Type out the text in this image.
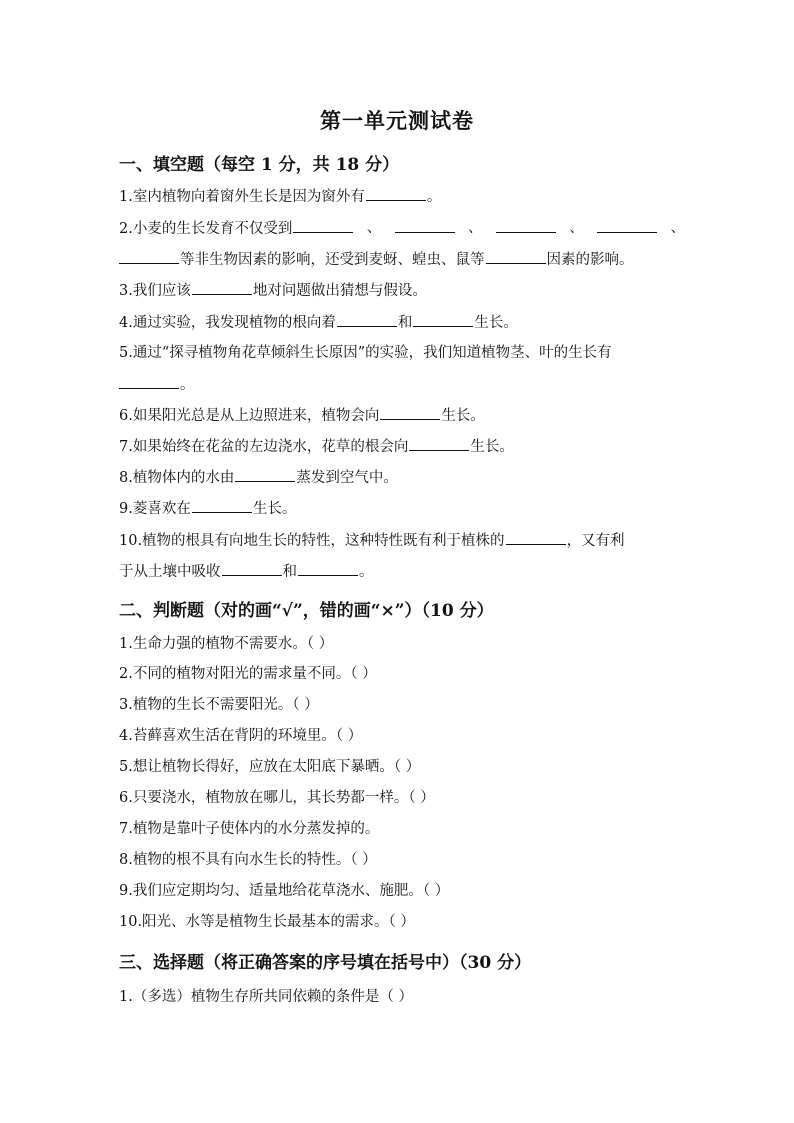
第一单元测试卷
一、填空题（每空 1 分，共 18 分）
1.室内植物向着窗外生长是因为窗外有	。
2.小麦的生长发育不仅受到	、	、	、	、
等非生物因素的影响，还受到麦蚜、蝗虫、鼠等	因素的影响。
3.我们应该	地对问题做出猜想与假设。
4.通过实验，我发现植物的根向着	和	生长。
5.通过“探寻植物角花草倾斜生长原因”的实验，我们知道植物茎、叶的生长有
。
6.如果阳光总是从上边照进来，植物会向	生长。
7.如果始终在花盆的左边浇水，花草的根会向	生长。
8.植物体内的水由	蒸发到空气中。
9.菱喜欢在	生长。
10.植物的根具有向地生长的特性，这种特性既有利于植株的	，又有利
于从土壤中吸收	和	。
二、判断题（对的画“√”，错的画“×”）（10 分）
1.生命力强的植物不需要水。（ ）
2.不同的植物对阳光的需求量不同。（ ）
3.植物的生长不需要阳光。（ ）
4.苔藓喜欢生活在背阴的环境里。（ ）
5.想让植物长得好，应放在太阳底下暴晒。（ ）
6.只要浇水，植物放在哪儿，其长势都一样。（ ）
7.植物是靠叶子使体内的水分蒸发掉的。
8.植物的根不具有向水生长的特性。（ ）
9.我们应定期均匀、适量地给花草浇水、施肥。（ ）
10.阳光、水等是植物生长最基本的需求。（ ）
三、选择题（将正确答案的序号填在括号中）（30 分）
1.（多选）植物生存所共同依赖的条件是（ ）
